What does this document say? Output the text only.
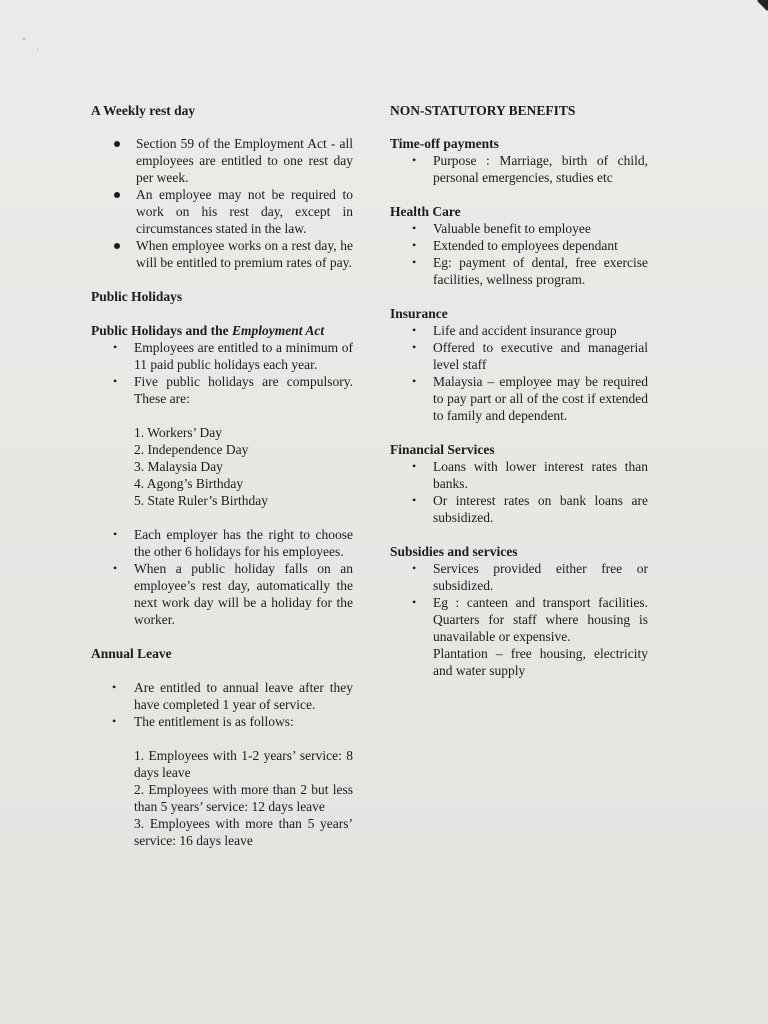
“
·

A Weekly rest day

Section 59 of the Employment Act - all employees are entitled to one rest day per week.
An employee may not be required to work on his rest day, except in circumstances stated in the law.
When employee works on a rest day, he will be entitled to premium rates of pay.

Public Holidays

Public Holidays and the Employment Act

• Employees are entitled to a minimum of 11 paid public holidays each year.
• Five public holidays are compulsory. These are:
1. Workers’ Day
2. Independence Day
3. Malaysia Day
4. Agong’s Birthday
5. State Ruler’s Birthday
• Each employer has the right to choose the other 6 holidays for his employees.
• When a public holiday falls on an employee’s rest day, automatically the next work day will be a holiday for the worker.

Annual Leave

• Are entitled to annual leave after they have completed 1 year of service.
• The entitlement is as follows:
1. Employees with 1-2 years’ service: 8 days leave
2. Employees with more than 2 but less than 5 years’ service: 12 days leave
3. Employees with more than 5 years’ service: 16 days leave

NON-STATUTORY BENEFITS

Time-off payments

• Purpose : Marriage, birth of child, personal emergencies, studies etc

Health Care

• Valuable benefit to employee
• Extended to employees dependant
• Eg: payment of dental, free exercise facilities, wellness program.

Insurance

• Life and accident insurance group
• Offered to executive and managerial level staff
• Malaysia – employee may be required to pay part or all of the cost if extended to family and dependent.

Financial Services

• Loans with lower interest rates than banks.
• Or interest rates on bank loans are subsidized.

Subsidies and services

• Services provided either free or subsidized.
• Eg : canteen and transport facilities. Quarters for staff where housing is unavailable or expensive.
Plantation – free housing, electricity and water supply
